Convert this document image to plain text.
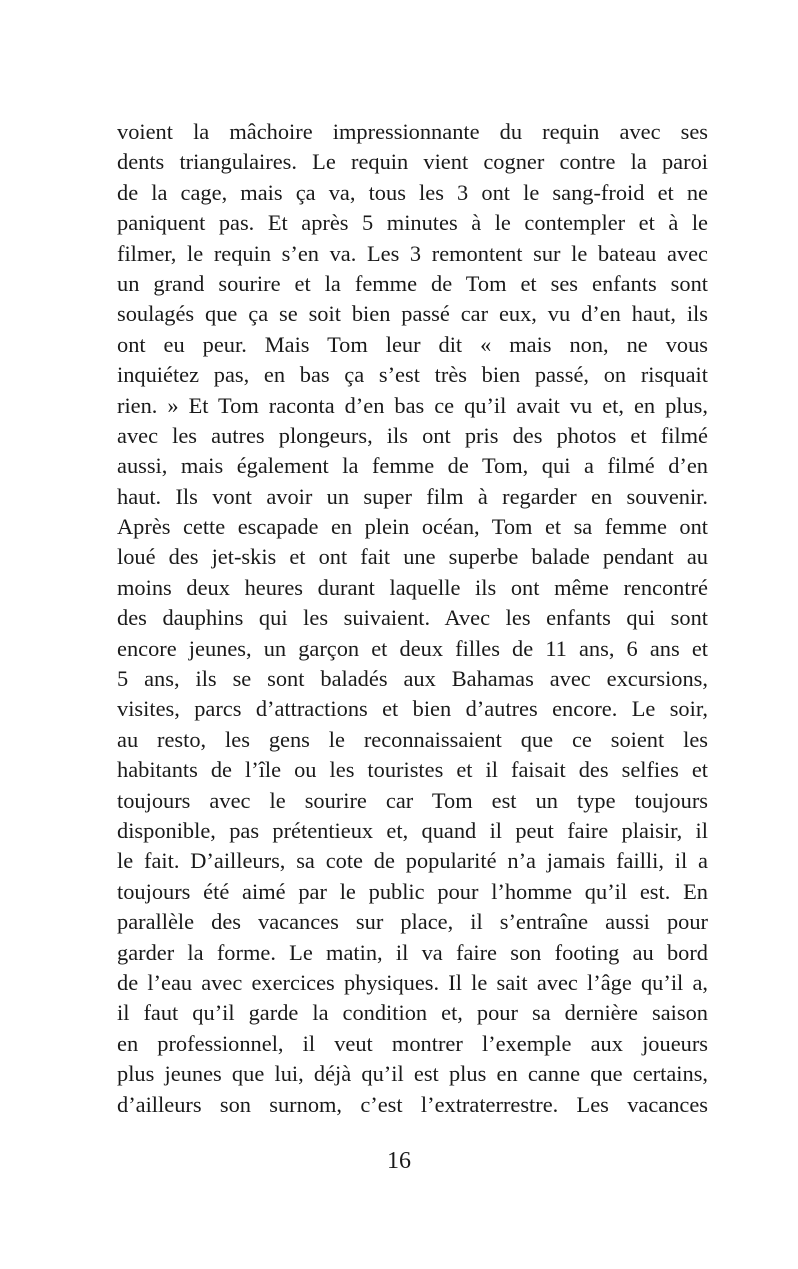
voient la mâchoire impressionnante du requin avec ses
dents triangulaires. Le requin vient cogner contre la paroi
de la cage, mais ça va, tous les 3 ont le sang-froid et ne
paniquent pas. Et après 5 minutes à le contempler et à le
filmer, le requin s’en va. Les 3 remontent sur le bateau avec
un grand sourire et la femme de Tom et ses enfants sont
soulagés que ça se soit bien passé car eux, vu d’en haut, ils
ont eu peur. Mais Tom leur dit « mais non, ne vous
inquiétez pas, en bas ça s’est très bien passé, on risquait
rien. » Et Tom raconta d’en bas ce qu’il avait vu et, en plus,
avec les autres plongeurs, ils ont pris des photos et filmé
aussi, mais également la femme de Tom, qui a filmé d’en
haut. Ils vont avoir un super film à regarder en souvenir.
Après cette escapade en plein océan, Tom et sa femme ont
loué des jet-skis et ont fait une superbe balade pendant au
moins deux heures durant laquelle ils ont même rencontré
des dauphins qui les suivaient. Avec les enfants qui sont
encore jeunes, un garçon et deux filles de 11 ans, 6 ans et
5 ans, ils se sont baladés aux Bahamas avec excursions,
visites, parcs d’attractions et bien d’autres encore. Le soir,
au resto, les gens le reconnaissaient que ce soient les
habitants de l’île ou les touristes et il faisait des selfies et
toujours avec le sourire car Tom est un type toujours
disponible, pas prétentieux et, quand il peut faire plaisir, il
le fait. D’ailleurs, sa cote de popularité n’a jamais failli, il a
toujours été aimé par le public pour l’homme qu’il est. En
parallèle des vacances sur place, il s’entraîne aussi pour
garder la forme. Le matin, il va faire son footing au bord
de l’eau avec exercices physiques. Il le sait avec l’âge qu’il a,
il faut qu’il garde la condition et, pour sa dernière saison
en professionnel, il veut montrer l’exemple aux joueurs
plus jeunes que lui, déjà qu’il est plus en canne que certains,
d’ailleurs son surnom, c’est l’extraterrestre. Les vacances
16
